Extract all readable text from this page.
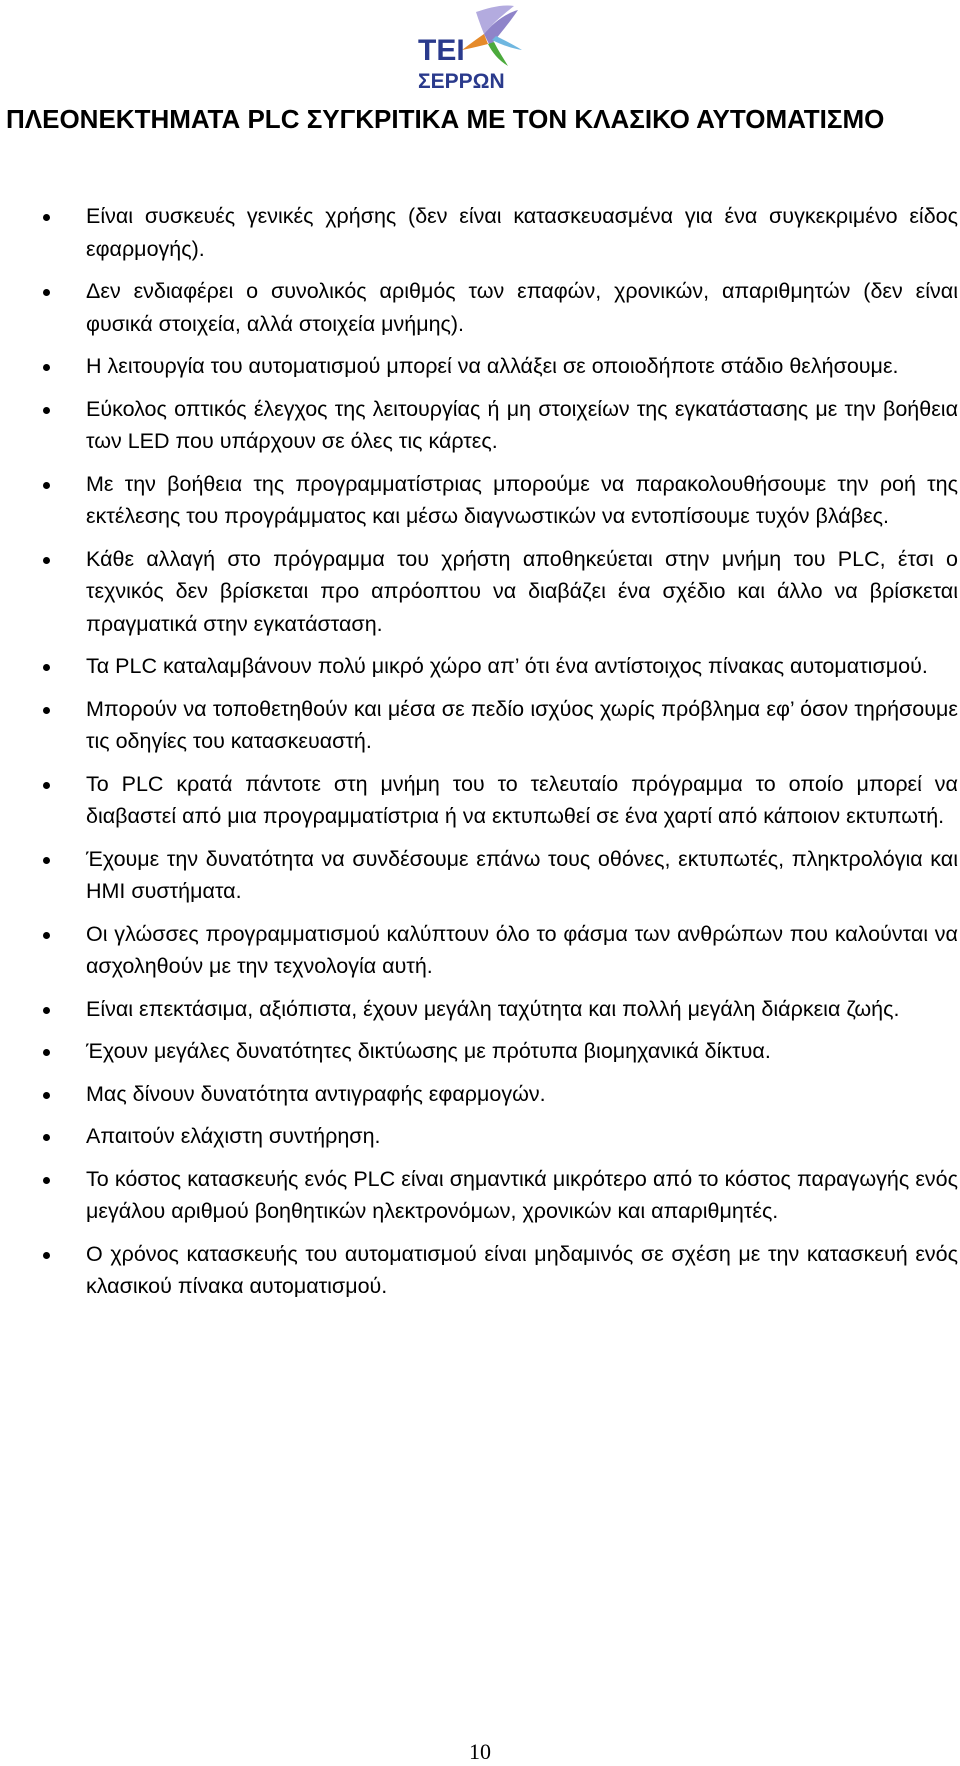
ΤΕΙ
ΣΕΡΡΩΝ
ΠΛΕΟΝΕΚΤΗΜΑΤΑ PLC ΣΥΓΚΡΙΤΙΚΑ ΜΕ ΤΟΝ ΚΛΑΣΙΚΟ ΑΥΤΟΜΑΤΙΣΜΟ
Είναι συσκευές γενικές χρήσης (δεν είναι κατασκευασμένα για ένα συγκεκριμένο είδος εφαρμογής).
Δεν ενδιαφέρει ο συνολικός αριθμός των επαφών, χρονικών, απαριθμητών (δεν είναι φυσικά στοιχεία, αλλά στοιχεία μνήμης).
Η λειτουργία του αυτοματισμού μπορεί να αλλάξει σε οποιοδήποτε στάδιο θελήσουμε.
Εύκολος οπτικός έλεγχος της λειτουργίας ή μη στοιχείων της εγκατάστασης με την βοήθεια των LED που υπάρχουν σε όλες τις κάρτες.
Με την βοήθεια της προγραμματίστριας μπορούμε να παρακολουθήσουμε την ροή της εκτέλεσης του προγράμματος και μέσω διαγνωστικών να εντοπίσουμε τυχόν βλάβες.
Κάθε αλλαγή στο πρόγραμμα του χρήστη αποθηκεύεται στην μνήμη του PLC, έτσι ο τεχνικός δεν βρίσκεται προ απρόοπτου να διαβάζει ένα σχέδιο και άλλο να βρίσκεται πραγματικά στην εγκατάσταση.
Τα PLC καταλαμβάνουν πολύ μικρό χώρο απ’ ότι ένα αντίστοιχος πίνακας αυτοματισμού.
Μπορούν να τοποθετηθούν και μέσα σε πεδίο ισχύος χωρίς πρόβλημα εφ’ όσον τηρήσουμε τις οδηγίες του κατασκευαστή.
Το PLC κρατά πάντοτε στη μνήμη του το τελευταίο πρόγραμμα το οποίο μπορεί να διαβαστεί από μια προγραμματίστρια ή να εκτυπωθεί σε ένα χαρτί από κάποιον εκτυπωτή.
Έχουμε την δυνατότητα να συνδέσουμε επάνω τους οθόνες, εκτυπωτές, πληκτρολόγια και HMI συστήματα.
Οι γλώσσες προγραμματισμού καλύπτουν όλο το φάσμα των ανθρώπων που καλούνται να ασχοληθούν με την τεχνολογία αυτή.
Είναι επεκτάσιμα, αξιόπιστα, έχουν μεγάλη ταχύτητα και πολλή μεγάλη διάρκεια ζωής.
Έχουν μεγάλες δυνατότητες δικτύωσης με πρότυπα βιομηχανικά δίκτυα.
Μας δίνουν δυνατότητα αντιγραφής εφαρμογών.
Απαιτούν ελάχιστη συντήρηση.
Το κόστος κατασκευής ενός PLC είναι σημαντικά μικρότερο από το κόστος παραγωγής ενός μεγάλου αριθμού βοηθητικών ηλεκτρονόμων, χρονικών και απαριθμητές.
Ο χρόνος κατασκευής του αυτοματισμού είναι μηδαμινός σε σχέση με την κατασκευή ενός κλασικού πίνακα αυτοματισμού.
10
